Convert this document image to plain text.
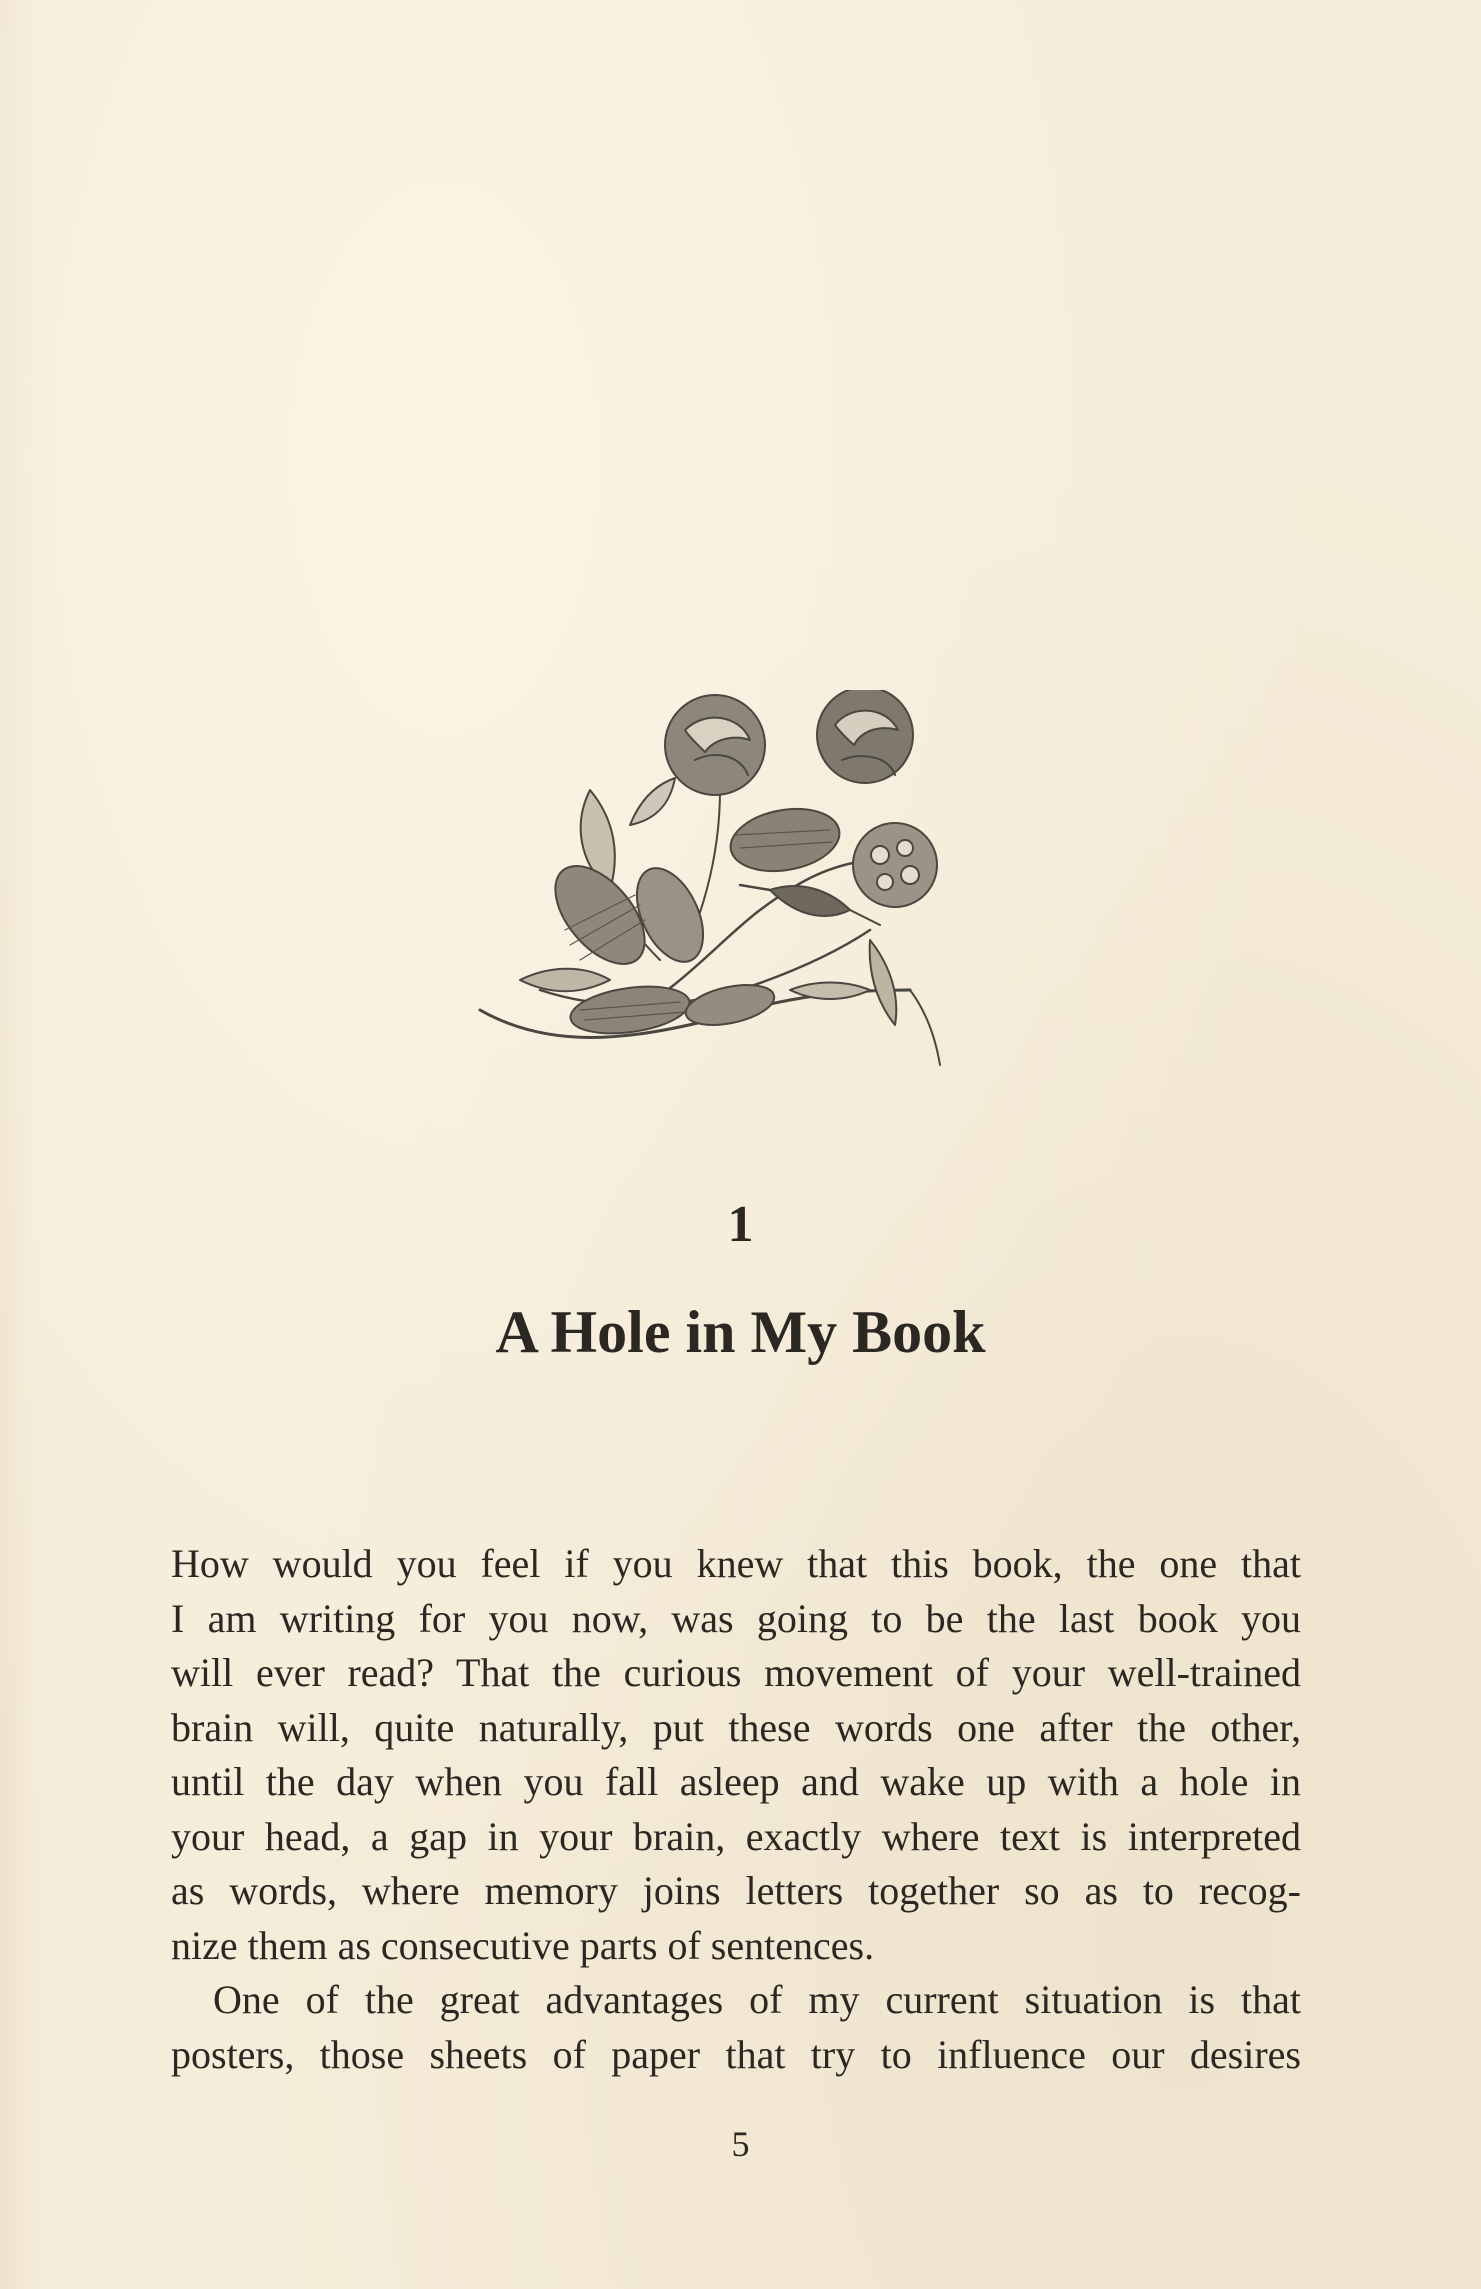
1
A Hole in My Book

How would you feel if you knew that this book, the one that
I am writing for you now, was going to be the last book you
will ever read? That the curious movement of your well-trained
brain will, quite naturally, put these words one after the other,
until the day when you fall asleep and wake up with a hole in
your head, a gap in your brain, exactly where text is interpreted
as words, where memory joins letters together so as to recog-
nize them as consecutive parts of sentences.

One of the great advantages of my current situation is that
posters, those sheets of paper that try to influence our desires

5
